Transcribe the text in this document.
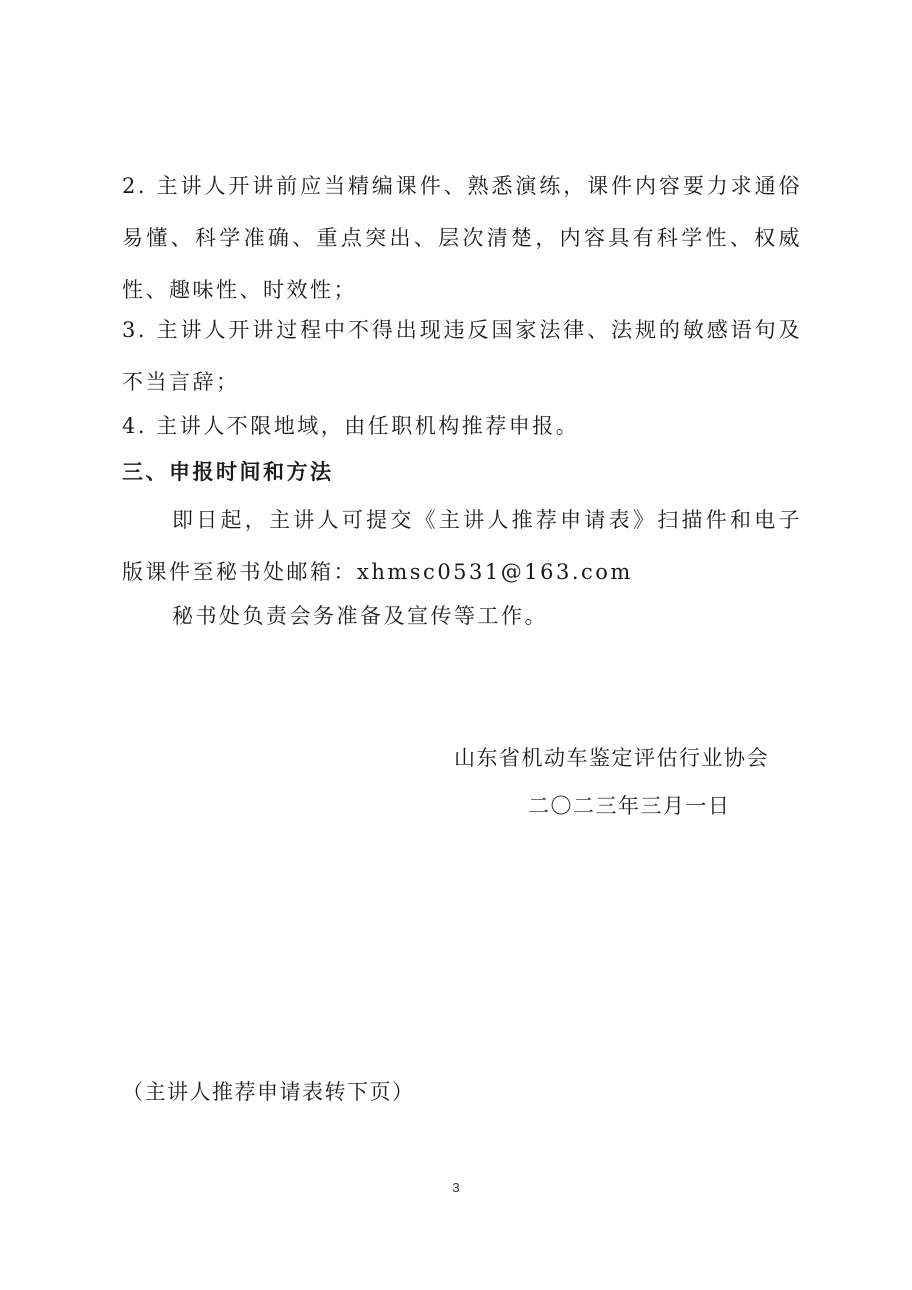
2. 主讲人开讲前应当精编课件、熟悉演练，课件内容要力求通俗易懂、科学准确、重点突出、层次清楚，内容具有科学性、权威性、趣味性、时效性；

3. 主讲人开讲过程中不得出现违反国家法律、法规的敏感语句及不当言辞；

4. 主讲人不限地域，由任职机构推荐申报。

三、申报时间和方法

即日起，主讲人可提交《主讲人推荐申请表》扫描件和电子版课件至秘书处邮箱：xhmsc0531@163.com

秘书处负责会务准备及宣传等工作。

山东省机动车鉴定评估行业协会

二〇二三年三月一日

（主讲人推荐申请表转下页）

3
